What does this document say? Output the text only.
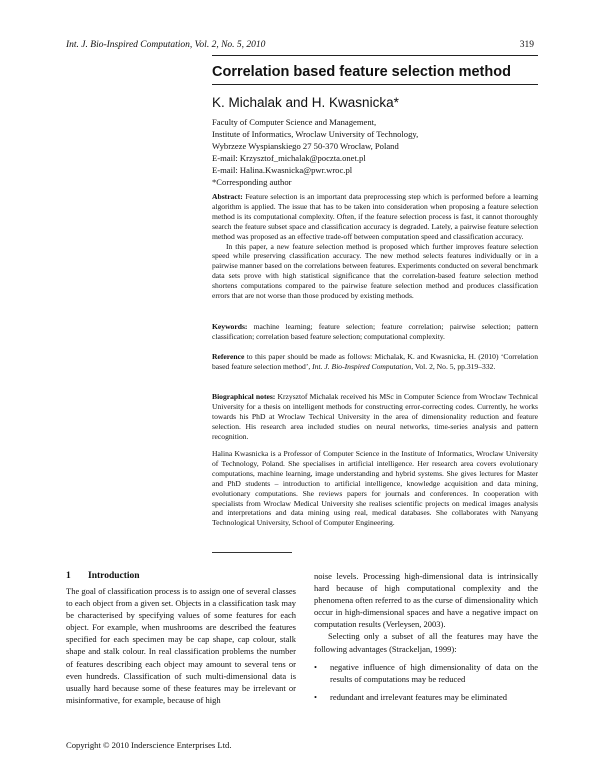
Int. J. Bio-Inspired Computation, Vol. 2, No. 5, 2010	319
Correlation based feature selection method
K. Michalak and H. Kwasnicka*
Faculty of Computer Science and Management,
Institute of Informatics, Wroclaw University of Technology,
Wybrzeze Wyspianskiego 27 50-370 Wroclaw, Poland
E-mail: Krzysztof_michalak@poczta.onet.pl
E-mail: Halina.Kwasnicka@pwr.wroc.pl
*Corresponding author

Abstract: Feature selection is an important data preprocessing step which is performed before a learning algorithm is applied. The issue that has to be taken into consideration when proposing a feature selection method is its computational complexity. Often, if the feature selection process is fast, it cannot thoroughly search the feature subset space and classification accuracy is degraded. Lately, a pairwise feature selection method was proposed as an effective trade-off between computation speed and classification accuracy.

In this paper, a new feature selection method is proposed which further improves feature selection speed while preserving classification accuracy. The new method selects features individually or in a pairwise manner based on the correlations between features. Experiments conducted on several benchmark data sets prove with high statistical significance that the correlation-based feature selection method shortens computations compared to the pairwise feature selection method and produces classification errors that are not worse than those produced by existing methods.

Keywords: machine learning; feature selection; feature correlation; pairwise selection; pattern classification; correlation based feature selection; computational complexity.

Reference to this paper should be made as follows: Michalak, K. and Kwasnicka, H. (2010) ‘Correlation based feature selection method’, Int. J. Bio-Inspired Computation, Vol. 2, No. 5, pp.319–332.

Biographical notes: Krzysztof Michalak received his MSc in Computer Science from Wroclaw Technical University for a thesis on intelligent methods for constructing error-correcting codes. Currently, he works towards his PhD at Wroclaw Techical University in the area of dimensionality reduction and feature selection. His research area included studies on neural networks, time-series analysis and pattern recognition.

Halina Kwasnicka is a Professor of Computer Science in the Institute of Informatics, Wroclaw University of Technology, Poland. She specialises in artificial intelligence. Her research area covers evolutionary computations, machine learning, image understanding and hybrid systems. She gives lectures for Master and PhD students – introduction to artificial intelligence, knowledge acquisition and data mining, evolutionary computations. She reviews papers for journals and conferences. In cooperation with specialists from Wroclaw Medical University she realises scientific projects on medical images analysis and interpretations and data mining using real, medical databases. She collaborates with Nanyang Technological University, School of Computer Engineering.

1 Introduction

The goal of classification process is to assign one of several classes to each object from a given set. Objects in a classification task may be characterised by specifying values of some features for each object. For example, when mushrooms are described the features specified for each specimen may be cap shape, cap colour, stalk shape and stalk colour. In real classification problems the number of features describing each object may amount to several tens or even hundreds. Classification of such multi-dimensional data is usually hard because some of these features may be irrelevant or misinformative, for example, because of high

noise levels. Processing high-dimensional data is intrinsically hard because of high computational complexity and the phenomena often referred to as the curse of dimensionality which occur in high-dimensional spaces and have a negative impact on computation results (Verleysen, 2003).

Selecting only a subset of all the features may have the following advantages (Strackeljan, 1999):

• negative influence of high dimensionality of data on the results of computations may be reduced
• redundant and irrelevant features may be eliminated
Copyright © 2010 Inderscience Enterprises Ltd.
